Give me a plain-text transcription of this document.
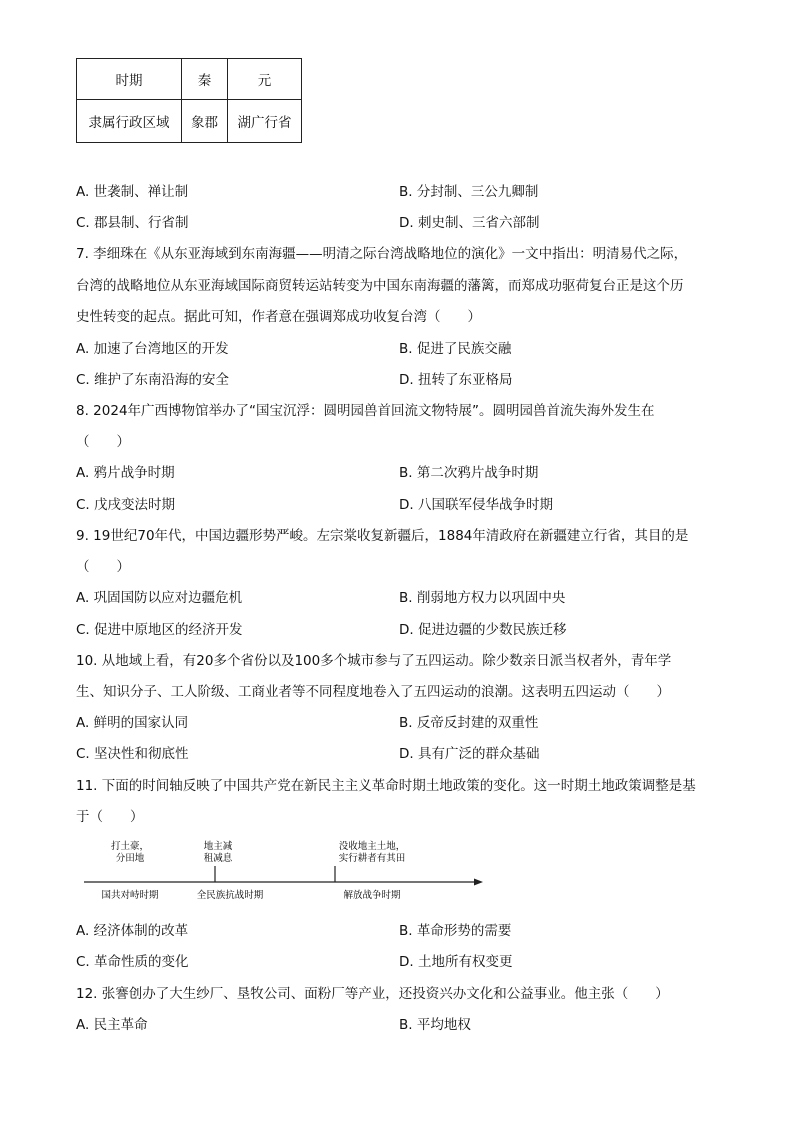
时期	秦	元
隶属行政区域	象郡	湖广行省
A. 世袭制、禅让制	B. 分封制、三公九卿制
C. 郡县制、行省制	D. 刺史制、三省六部制
7. 李细珠在《从东亚海域到东南海疆——明清之际台湾战略地位的演化》一文中指出：明清易代之际，
台湾的战略地位从东亚海域国际商贸转运站转变为中国东南海疆的藩篱，而郑成功驱荷复台正是这个历
史性转变的起点。据此可知，作者意在强调郑成功收复台湾（　　）
A. 加速了台湾地区的开发	B. 促进了民族交融
C. 维护了东南沿海的安全	D. 扭转了东亚格局
8. 2024年广西博物馆举办了“国宝沉浮：圆明园兽首回流文物特展”。圆明园兽首流失海外发生在
（　　）
A. 鸦片战争时期	B. 第二次鸦片战争时期
C. 戊戌变法时期	D. 八国联军侵华战争时期
9. 19世纪70年代，中国边疆形势严峻。左宗棠收复新疆后，1884年清政府在新疆建立行省，其目的是
（　　）
A. 巩固国防以应对边疆危机	B. 削弱地方权力以巩固中央
C. 促进中原地区的经济开发	D. 促进边疆的少数民族迁移
10. 从地域上看，有20多个省份以及100多个城市参与了五四运动。除少数亲日派当权者外，青年学
生、知识分子、工人阶级、工商业者等不同程度地卷入了五四运动的浪潮。这表明五四运动（　　）
A. 鲜明的国家认同	B. 反帝反封建的双重性
C. 坚决性和彻底性	D. 具有广泛的群众基础
11. 下面的时间轴反映了中国共产党在新民主主义革命时期土地政策的变化。这一时期土地政策调整是基
于（　　）
打土豪，
分田地
地主减
租减息
没收地主土地，
实行耕者有其田
国共对峙时期	全民族抗战时期	解放战争时期
A. 经济体制的改革	B. 革命形势的需要
C. 革命性质的变化	D. 土地所有权变更
12. 张謇创办了大生纱厂、垦牧公司、面粉厂等产业，还投资兴办文化和公益事业。他主张（　　）
A. 民主革命	B. 平均地权
